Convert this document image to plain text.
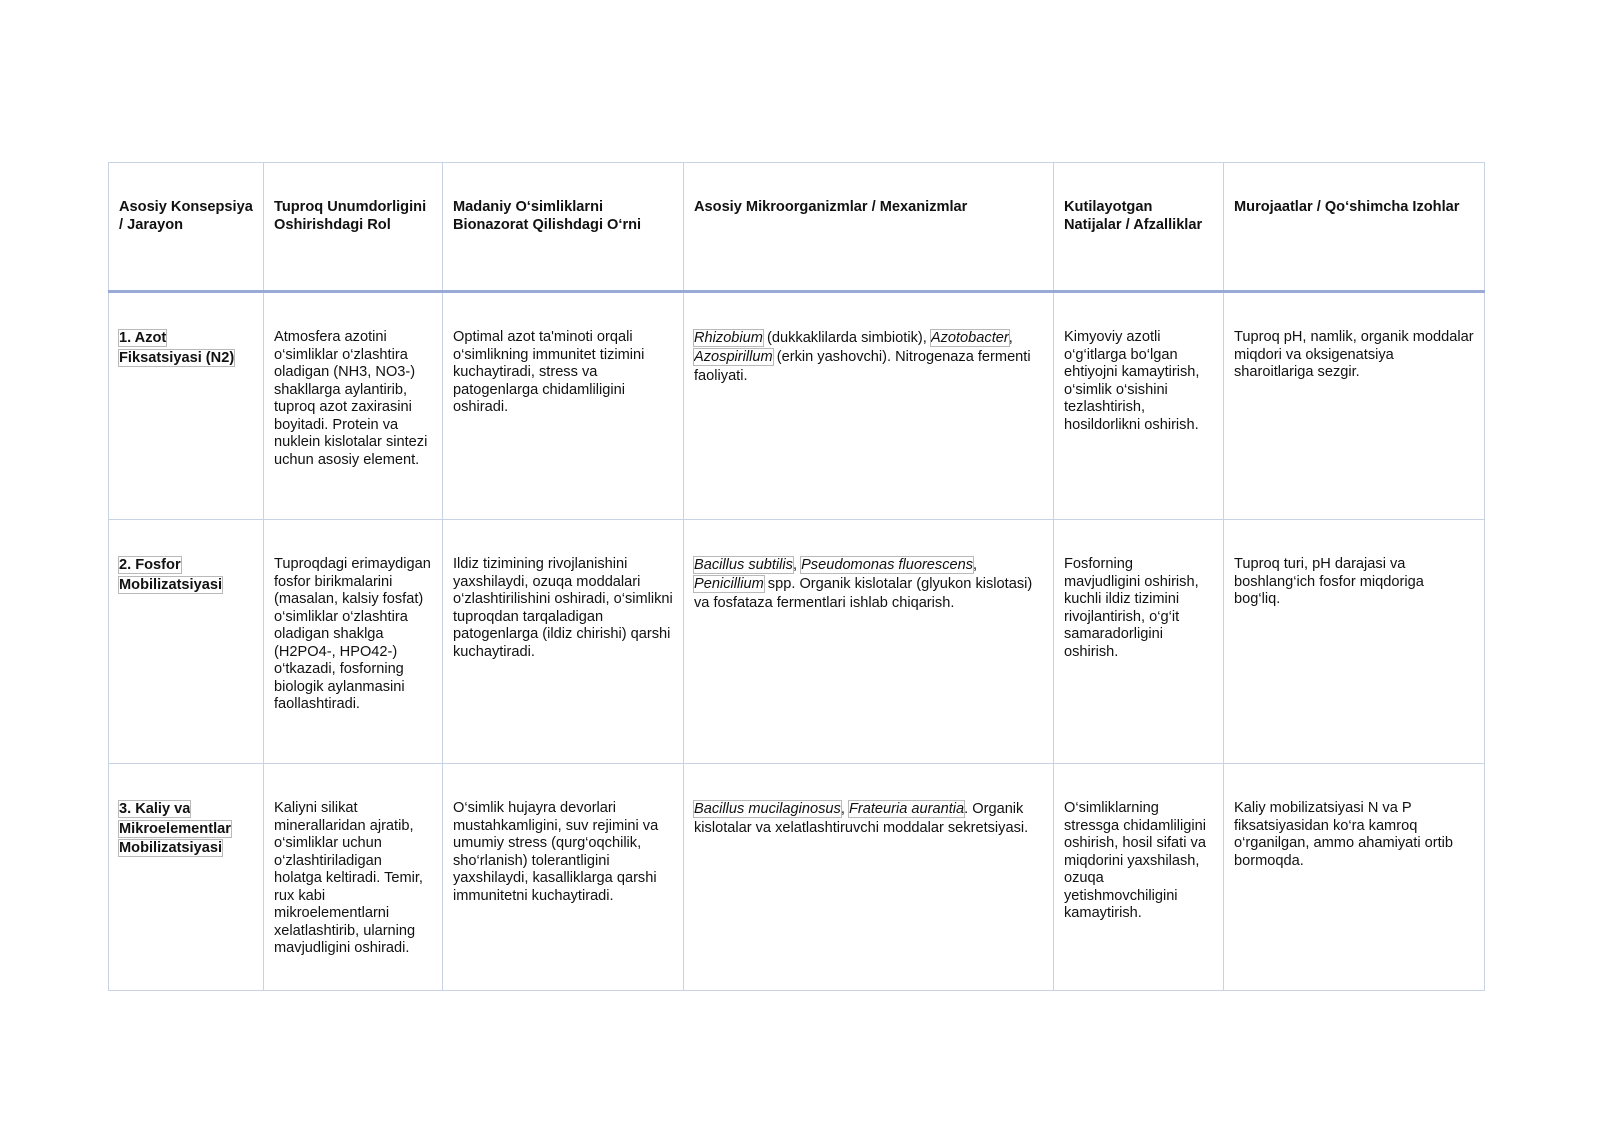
Asosiy Konsepsiya / Jarayon	Tuproq Unumdorligini Oshirishdagi Rol	Madaniy O‘simliklarni Bionazorat Qilishdagi O‘rni	Asosiy Mikroorganizmlar / Mexanizmlar	Kutilayotgan Natijalar / Afzalliklar	Murojaatlar / Qo‘shimcha Izohlar

1. Azot Fiksatsiyasi (N2)	Atmosfera azotini o‘simliklar o‘zlashtira oladigan (NH3, NO3-) shakllarga aylantirib, tuproq azot zaxirasini boyitadi. Protein va nuklein kislotalar sintezi uchun asosiy element.	Optimal azot ta'minoti orqali o‘simlikning immunitet tizimini kuchaytiradi, stress va patogenlarga chidamliligini oshiradi.	Rhizobium (dukkaklilarda simbiotik), Azotobacter, Azospirillum (erkin yashovchi). Nitrogenaza fermenti faoliyati.	Kimyoviy azotli o‘g‘itlarga bo‘lgan ehtiyojni kamaytirish, o‘simlik o‘sishini tezlashtirish, hosildorlikni oshirish.	Tuproq pH, namlik, organik moddalar miqdori va oksigenatsiya sharoitlariga sezgir.

2. Fosfor Mobilizatsiyasi	Tuproqdagi erimaydigan fosfor birikmalarini (masalan, kalsiy fosfat) o‘simliklar o‘zlashtira oladigan shaklga (H2PO4-, HPO42-) o‘tkazadi, fosforning biologik aylanmasini faollashtiradi.	Ildiz tizimining rivojlanishini yaxshilaydi, ozuqa moddalari o‘zlashtirilishini oshiradi, o‘simlikni tuproqdan tarqaladigan patogenlarga (ildiz chirishi) qarshi kuchaytiradi.	Bacillus subtilis, Pseudomonas fluorescens, Penicillium spp. Organik kislotalar (glyukon kislotasi) va fosfataza fermentlari ishlab chiqarish.	Fosforning mavjudligini oshirish, kuchli ildiz tizimini rivojlantirish, o‘g‘it samaradorligini oshirish.	Tuproq turi, pH darajasi va boshlang‘ich fosfor miqdoriga bog‘liq.

3. Kaliy va Mikroelementlar Mobilizatsiyasi	Kaliyni silikat minerallaridan ajratib, o‘simliklar uchun o‘zlashtiriladigan holatga keltiradi. Temir, rux kabi mikroelementlarni xelatlashtirib, ularning mavjudligini oshiradi.	O‘simlik hujayra devorlari mustahkamligini, suv rejimini va umumiy stress (qurg‘oqchilik, sho‘rlanish) tolerantligini yaxshilaydi, kasalliklarga qarshi immunitetni kuchaytiradi.	Bacillus mucilaginosus, Frateuria aurantia. Organik kislotalar va xelatlashtiruvchi moddalar sekretsiyasi.	O‘simliklarning stressga chidamliligini oshirish, hosil sifati va miqdorini yaxshilash, ozuqa yetishmovchiligini kamaytirish.	Kaliy mobilizatsiyasi N va P fiksatsiyasidan ko‘ra kamroq o‘rganilgan, ammo ahamiyati ortib bormoqda.
